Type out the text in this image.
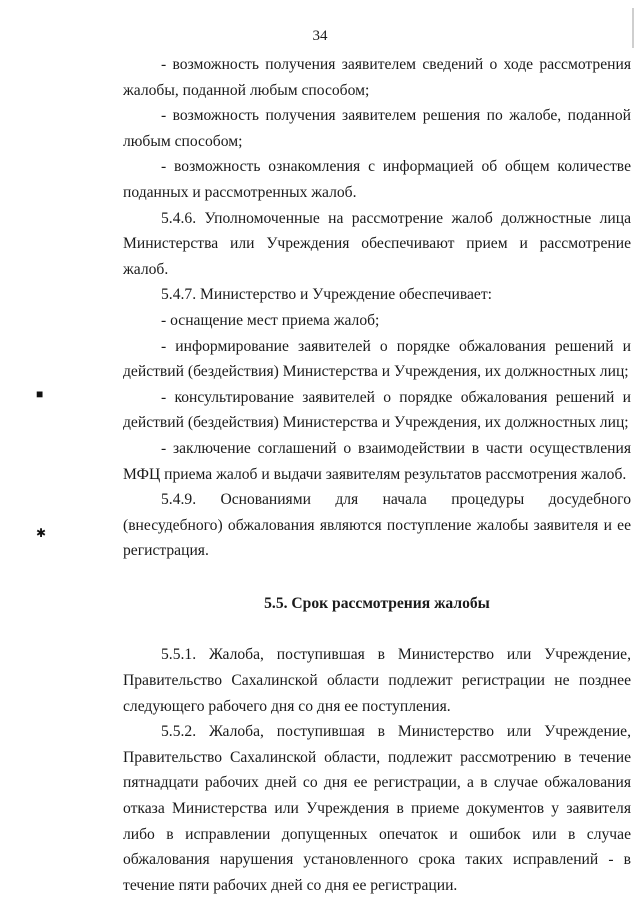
34
■
✱

- возможность получения заявителем сведений о ходе рассмотрения жалобы, поданной любым способом;

- возможность получения заявителем решения по жалобе, поданной любым способом;

- возможность ознакомления с информацией об общем количестве поданных и рассмотренных жалоб.

5.4.6. Уполномоченные на рассмотрение жалоб должностные лица Министерства или Учреждения обеспечивают прием и рассмотрение жалоб.

5.4.7. Министерство и Учреждение обеспечивает:

- оснащение мест приема жалоб;

- информирование заявителей о порядке обжалования решений и действий (бездействия) Министерства и Учреждения, их должностных лиц;

- консультирование заявителей о порядке обжалования решений и действий (бездействия) Министерства и Учреждения, их должностных лиц;

- заключение соглашений о взаимодействии в части осуществления МФЦ приема жалоб и выдачи заявителям результатов рассмотрения жалоб.

5.4.9. Основаниями для начала процедуры досудебного (внесудебного) обжалования являются поступление жалобы заявителя и ее регистрация.

5.5. Срок рассмотрения жалобы

5.5.1. Жалоба, поступившая в Министерство или Учреждение, Правительство Сахалинской области подлежит регистрации не позднее следующего рабочего дня со дня ее поступления.

5.5.2. Жалоба, поступившая в Министерство или Учреждение, Правительство Сахалинской области, подлежит рассмотрению в течение пятнадцати рабочих дней со дня ее регистрации, а в случае обжалования отказа Министерства или Учреждения в приеме документов у заявителя либо в исправлении допущенных опечаток и ошибок или в случае обжалования нарушения установленного срока таких исправлений - в течение пяти рабочих дней со дня ее регистрации.
